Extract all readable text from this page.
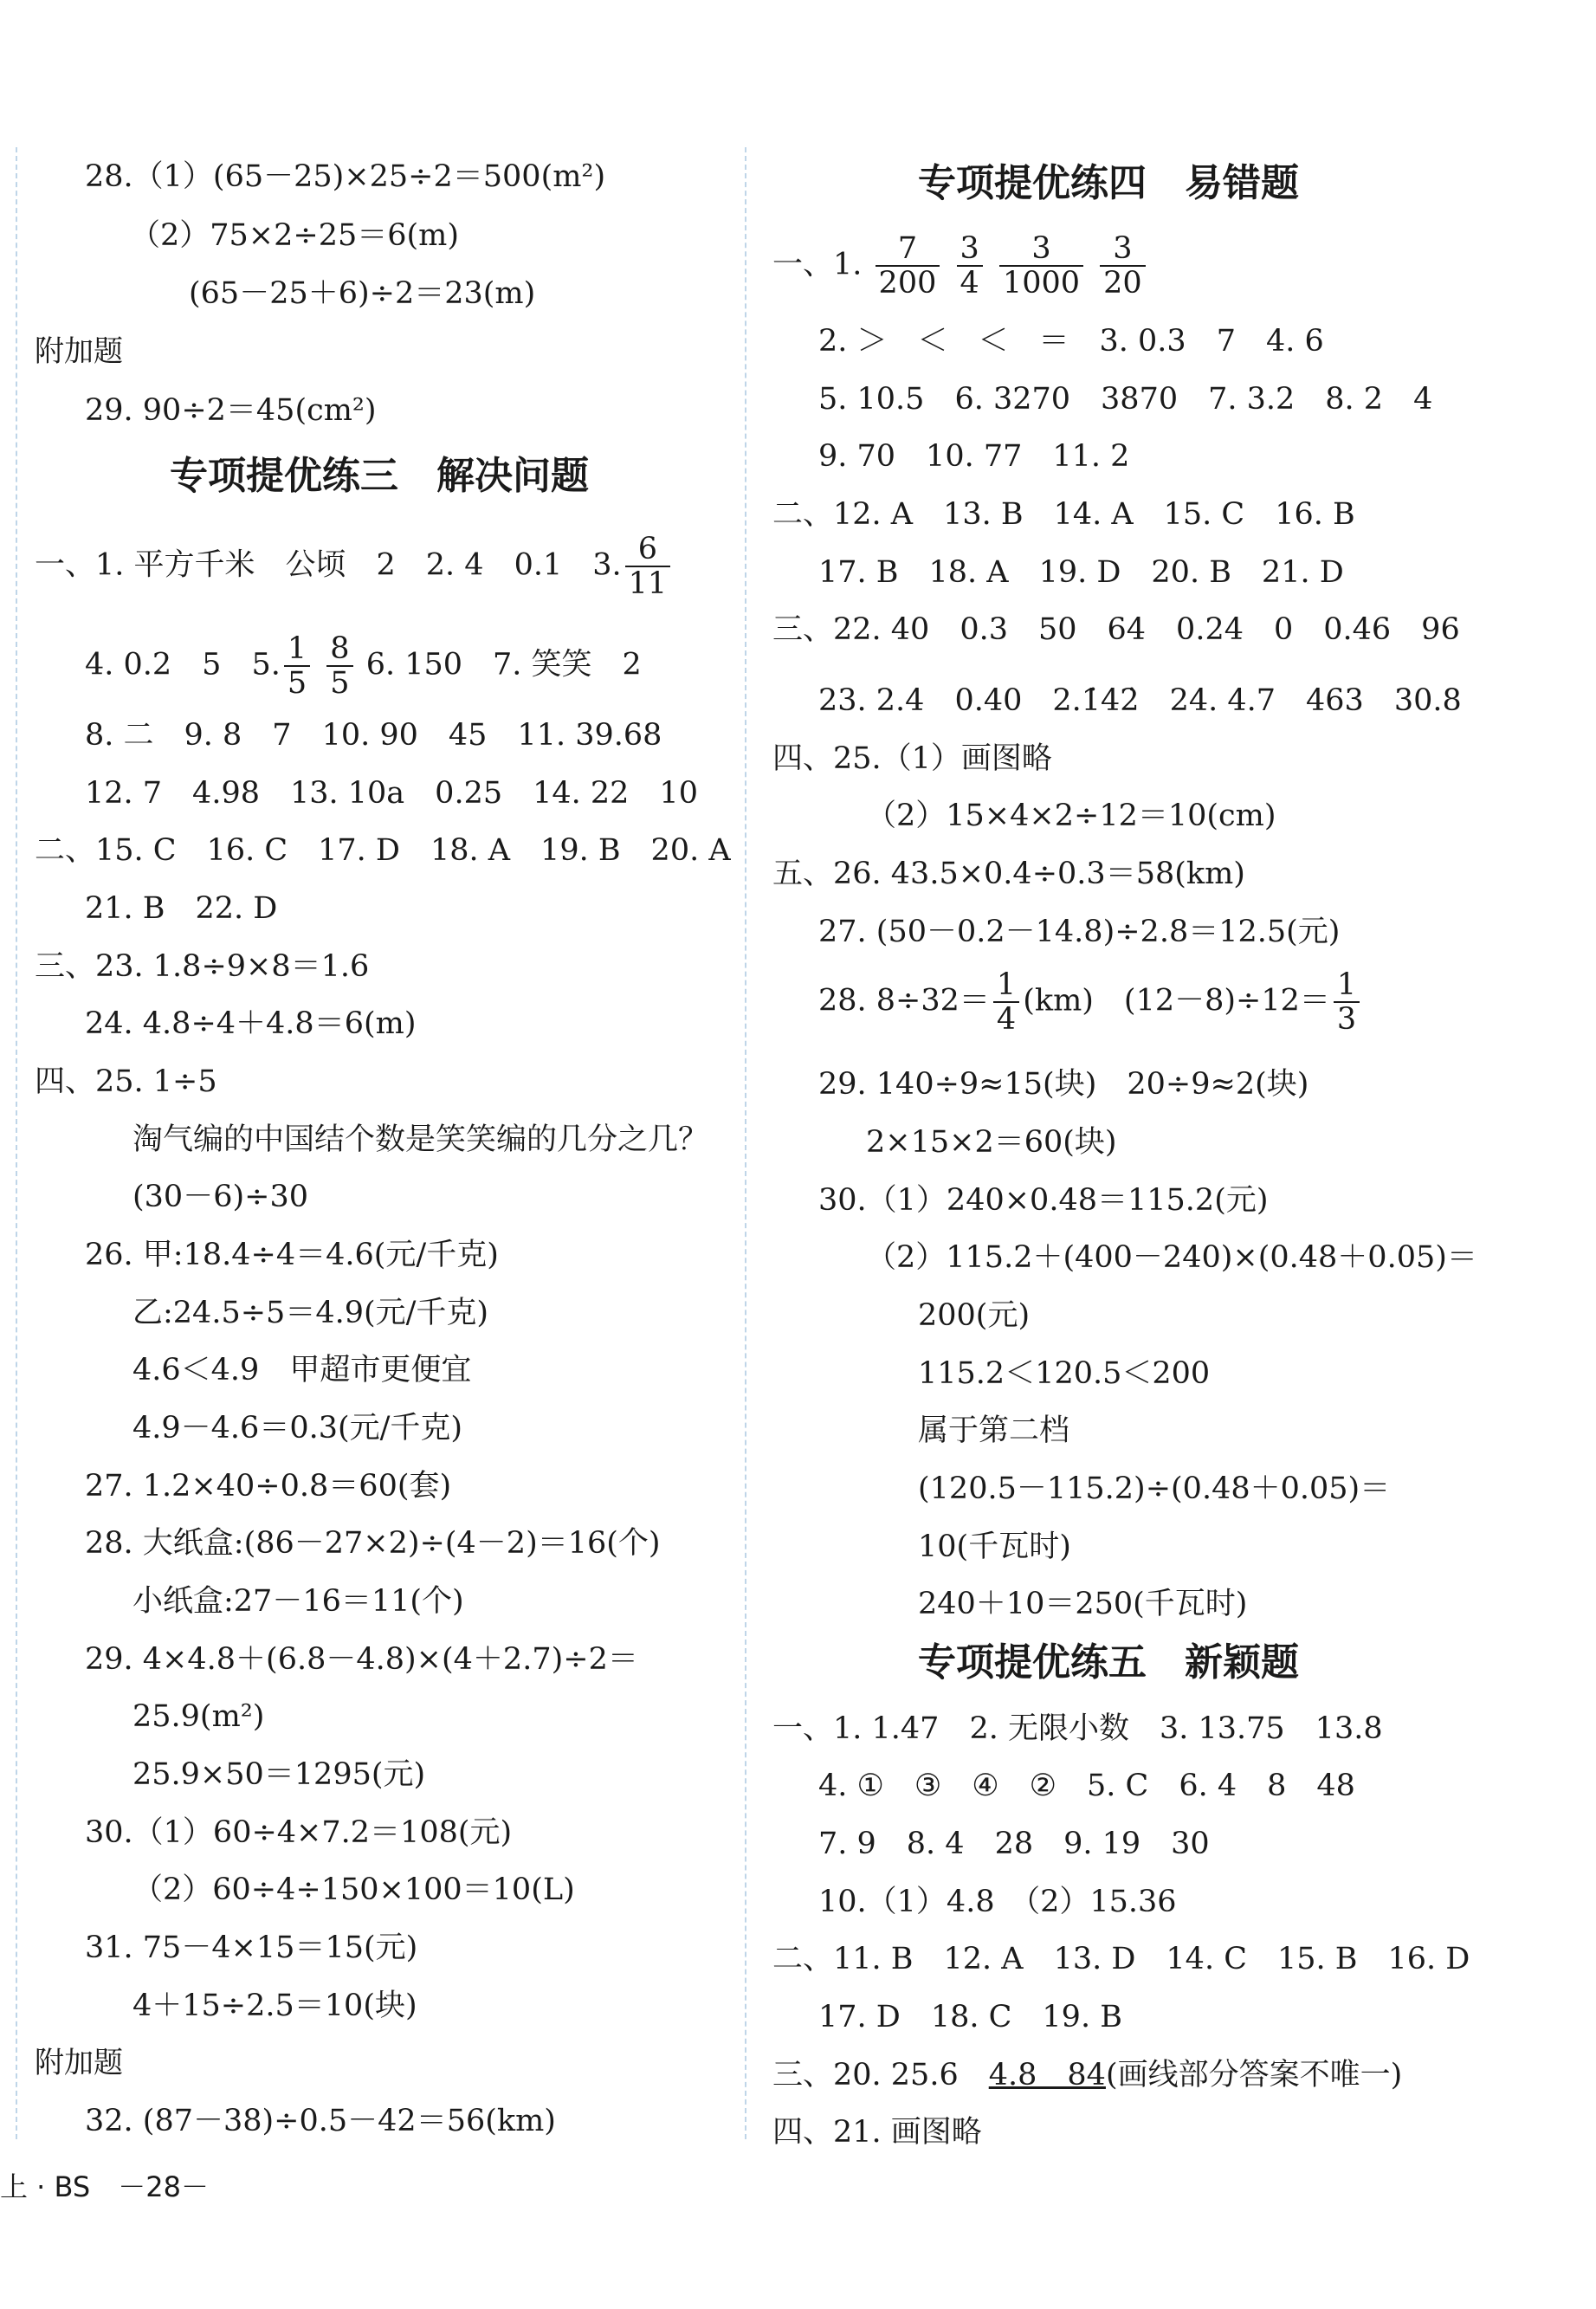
28.（1）(65－25)×25÷2＝500(m²)
（2）75×2÷25＝6(m)
(65－25＋6)÷2＝23(m)
附加题
29. 90÷2＝45(cm²)
专项提优练三　解决问题
一、1. 平方千米　公顷　2　2. 4　0.1　3. $\frac{6}{11}$
4. 0.2　5　5. $\frac{1}{5}$
$\frac{8}{5} 6$. 150　7. 笑笑　2
8. 二　9. 8　7　10. 90　45　11. 39.68
12. 7　4.98　13. 10a　0.25　14. 22　10
二、15. C　16. C　17. D　18. A　19. B　20. A
21. B　22. D
三、23. 1.8÷9×8＝1.6
24. 4.8÷4＋4.8＝6(m)
四、25. 1÷5
淘气编的中国结个数是笑笑编的几分之几？
(30－6)÷30
26. 甲:18.4÷4＝4.6(元/千克)
乙:24.5÷5＝4.9(元/千克)
4.6＜4.9　甲超市更便宜
4.9－4.6＝0.3(元/千克)
27. 1.2×40÷0.8＝60(套)
28. 大纸盒:(86－27×2)÷(4－2)＝16(个)
小纸盒:27－16＝11(个)
29. 4×4.8＋(6.8－4.8)×(4＋2.7)÷2＝
25.9(m²)
25.9×50＝1295(元)
30.（1）60÷4×7.2＝108(元)
（2）60÷4÷150×100＝10(L)
31. 75－4×15＝15(元)
4＋15÷2.5＝10(块)
附加题
32. (87－38)÷0.5－42＝56(km)
专项提优练四　易错题
一、1. $\frac{7}{200}$
$\frac{3}{4}$
$\frac{3}{1000}$
$\frac{3}{20}$
2. ＞　＜　＜　＝　3. 0.3　7　4. 6
5. 10.5　6. 3270　3870　7. 3.2　8. 2　4
9. 70　10. 77　11. 2
二、12. A　13. B　14. A　15. C　16. B
17. B　18. A　19. D　20. B　21. D
三、22. 40　0.3　50　64　0.24　0　0.46　96
23. 2.4　0.40　2.1̇42̇　24. 4.7　463　30.8
四、25.（1）画图略
（2）15×4×2÷12＝10(cm)
五、26. 43.5×0.4÷0.3＝58(km)
27. (50－0.2－14.8)÷2.8＝12.5(元)
28. $8\div 32= \frac{1}{4} (km)$　$(12-8)\div 12= \frac{1}{3}$
29. 140÷9≈15(块)　20÷9≈2(块)
2×15×2＝60(块)
30.（1）240×0.48＝115.2(元)
（2）115.2＋(400－240)×(0.48＋0.05)＝
200(元)
115.2＜120.5＜200
属于第二档
(120.5－115.2)÷(0.48＋0.05)＝
10(千瓦时)
240＋10＝250(千瓦时)
专项提优练五　新颖题
一、1. 1.47　2. 无限小数　3. 13.75　13.8
4. ①　③　④　②　5. C　6. 4　8　48
7. 9　8. 4　28　9. 19　30
10.（1）4.8　（2）15.36
二、11. B　12. A　13. D　14. C　15. B　16. D
17. D　18. C　19. B
三、20. 25.6　 4.8　84(画线部分答案不唯一)
四、21. 画图略
上 · BS　－28－
